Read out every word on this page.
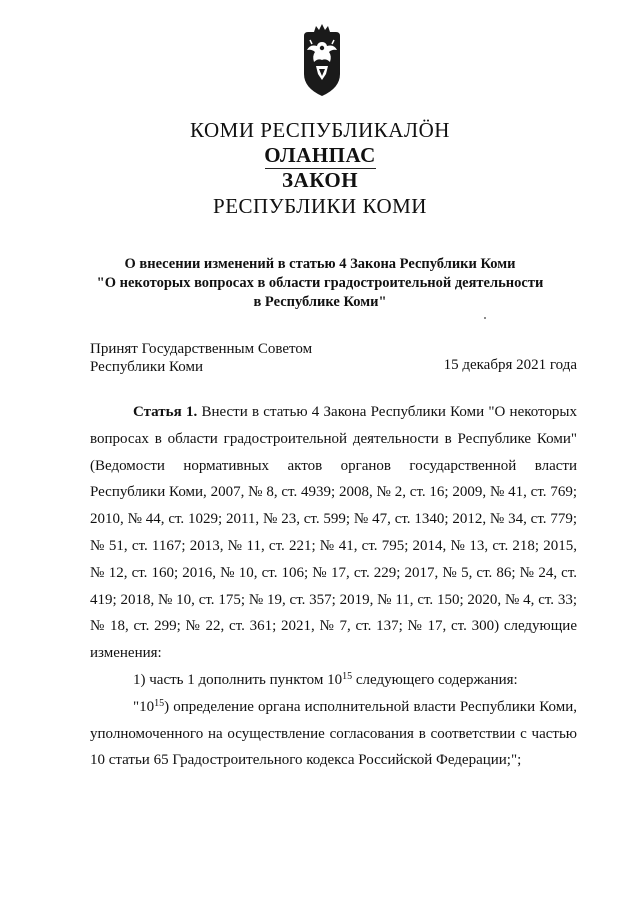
КОМИ РЕСПУБЛИКАЛÖН
ОЛАНПАС
ЗАКОН
РЕСПУБЛИКИ КОМИ
О внесении изменений в статью 4 Закона Республики Коми
"О некоторых вопросах в области градостроительной деятельности
в Республике Коми"
Принят Государственным Советом
Республики Коми	15 декабря 2021 года

Статья 1. Внести в статью 4 Закона Республики Коми "О некоторых вопросах в области градостроительной деятельности в Республике Коми" (Ведомости нормативных актов органов государственной власти Республики Коми, 2007, № 8, ст. 4939; 2008, № 2, ст. 16; 2009, № 41, ст. 769; 2010, № 44, ст. 1029; 2011, № 23, ст. 599; № 47, ст. 1340; 2012, № 34, ст. 779; № 51, ст. 1167; 2013, № 11, ст. 221; № 41, ст. 795; 2014, № 13, ст. 218; 2015, № 12, ст. 160; 2016, № 10, ст. 106; № 17, ст. 229; 2017, № 5, ст. 86; № 24, ст. 419; 2018, № 10, ст. 175; № 19, ст. 357; 2019, № 11, ст. 150; 2020, № 4, ст. 33; № 18, ст. 299; № 22, ст. 361; 2021, № 7, ст. 137; № 17, ст. 300) следующие изменения:

1) часть 1 дополнить пунктом $10^{15}$ следующего содержания:

"$10^{15}$) определение органа исполнительной власти Республики Коми, уполномоченного на осуществление согласования в соответствии с частью 10 статьи 65 Градостроительного кодекса Российской Федерации;";
